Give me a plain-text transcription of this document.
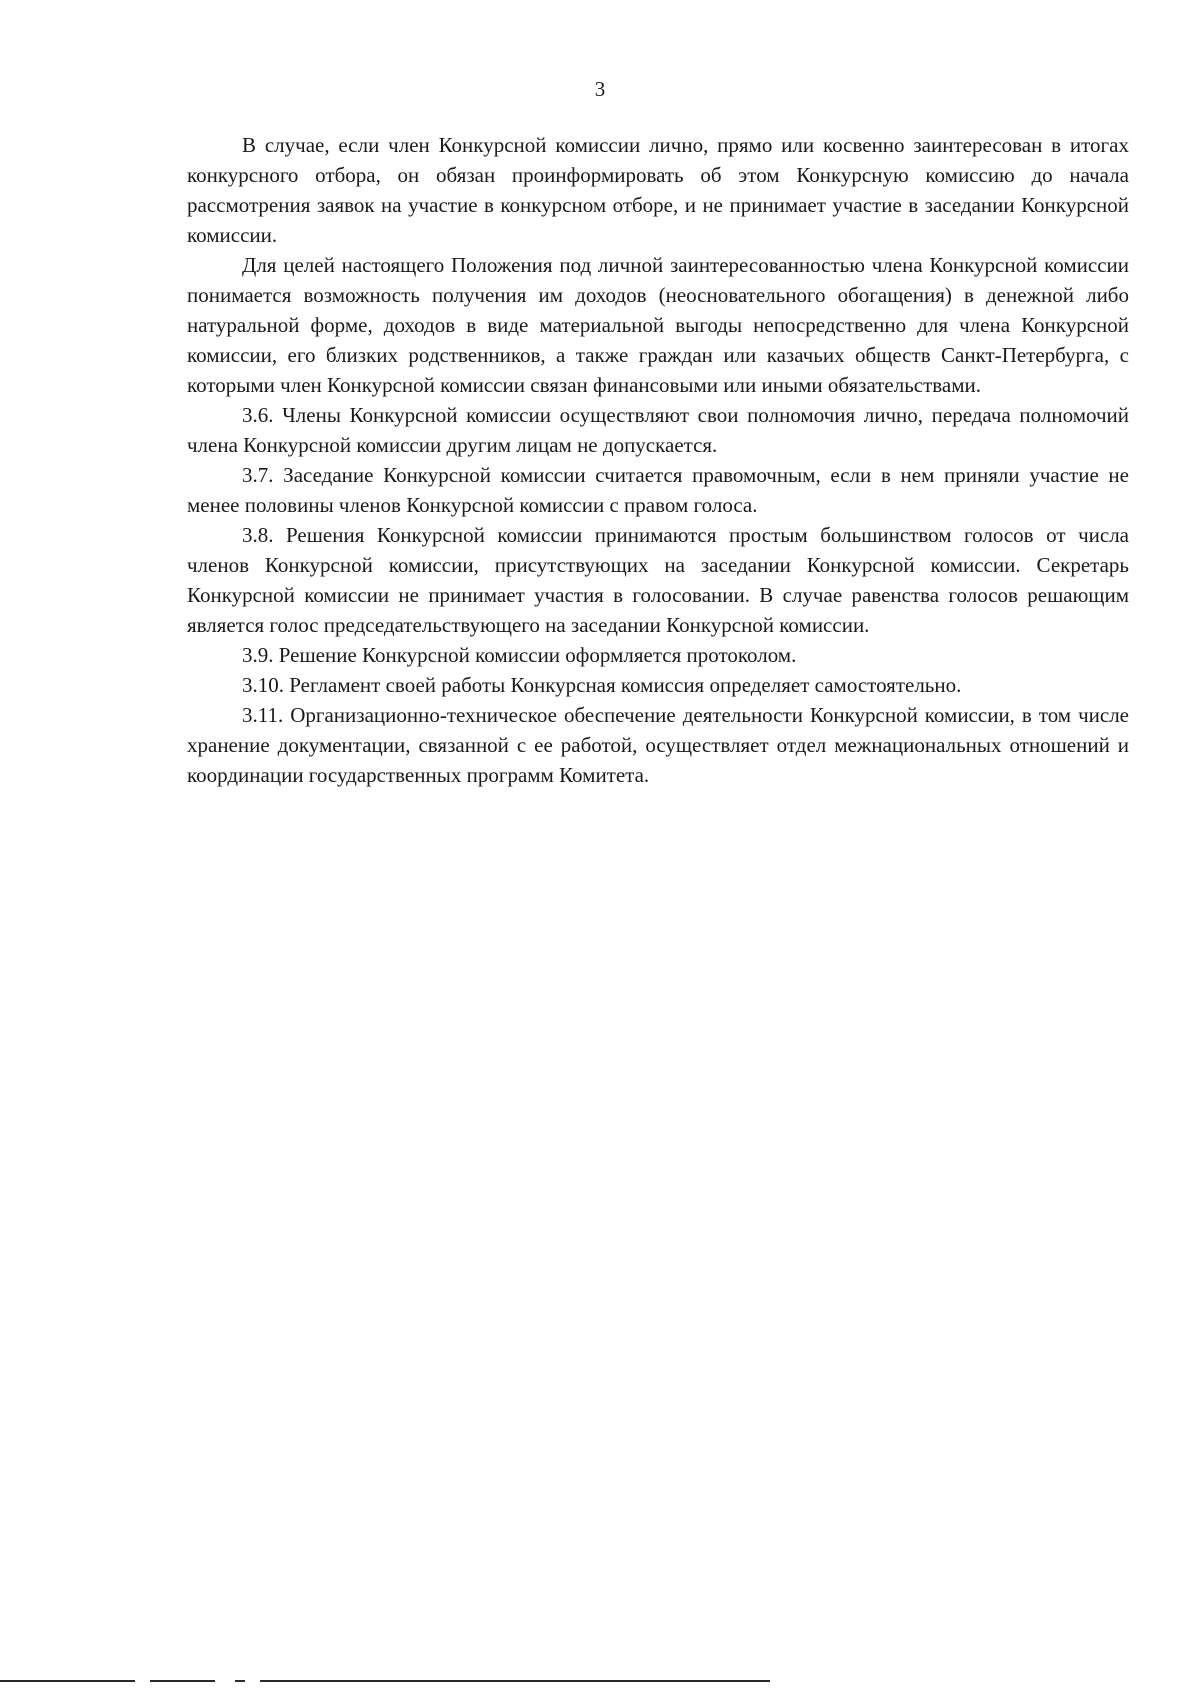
3

В случае, если член Конкурсной комиссии лично, прямо или косвенно заинтересован в итогах конкурсного отбора, он обязан проинформировать об этом Конкурсную комиссию до начала рассмотрения заявок на участие в конкурсном отборе, и не принимает участие в заседании Конкурсной комиссии.

Для целей настоящего Положения под личной заинтересованностью члена Конкурсной комиссии понимается возможность получения им доходов (неосновательного обогащения) в денежной либо натуральной форме, доходов в виде материальной выгоды непосредственно для члена Конкурсной комиссии, его близких родственников, а также граждан или казачьих обществ Санкт-Петербурга, с которыми член Конкурсной комиссии связан финансовыми или иными обязательствами.

3.6. Члены Конкурсной комиссии осуществляют свои полномочия лично, передача полномочий члена Конкурсной комиссии другим лицам не допускается.

3.7. Заседание Конкурсной комиссии считается правомочным, если в нем приняли участие не менее половины членов Конкурсной комиссии с правом голоса.

3.8. Решения Конкурсной комиссии принимаются простым большинством голосов от числа членов Конкурсной комиссии, присутствующих на заседании Конкурсной комиссии. Секретарь Конкурсной комиссии не принимает участия в голосовании. В случае равенства голосов решающим является голос председательствующего на заседании Конкурсной комиссии.

3.9. Решение Конкурсной комиссии оформляется протоколом.

3.10. Регламент своей работы Конкурсная комиссия определяет самостоятельно.

3.11. Организационно-техническое обеспечение деятельности Конкурсной комиссии, в том числе хранение документации, связанной с ее работой, осуществляет отдел межнациональных отношений и координации государственных программ Комитета.
